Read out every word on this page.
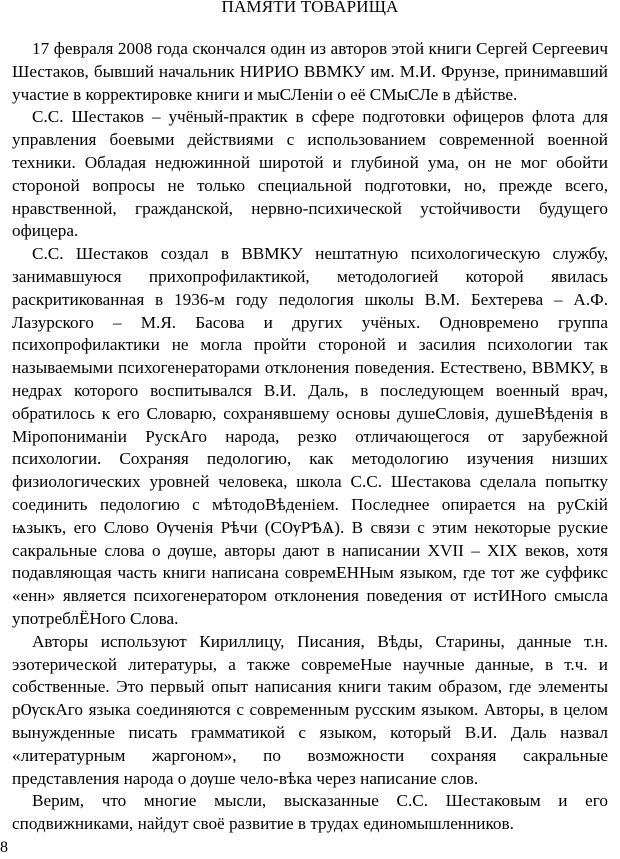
ПАМЯТИ ТОВАРИЩА

17 февраля 2008 года скончался один из авторов этой книги Сергей Сергеевич Шестаков, бывший начальник НИРИО ВВМКУ им. М.И. Фрунзе, принимавший участие в корректировке книги и мыСЛеніи о её СМыСЛе в дѣйстве.

С.С. Шестаков – учёный-практик в сфере подготовки офицеров флота для управления боевыми действиями с использованием современной военной техники. Обладая недюжинной широтой и глубиной ума, он не мог обойти стороной вопросы не только специальной подготовки, но, прежде всего, нравственной, гражданской, нервно-психической устойчивости будущего офицера.

С.С. Шестаков создал в ВВМКУ нештатную психологическую службу, занимавшуюся прихопрофилактикой, методологией которой явилась раскритикованная в 1936-м году педология школы В.М. Бехтерева – А.Ф. Лазурского – М.Я. Басова и других учёных. Одновремено группа психопрофилактики не могла пройти стороной и засилия психологии так называемыми психогенераторами отклонения поведения. Естествено, ВВМКУ, в недрах которого воспитывался В.И. Даль, в последующем военный врач, обратилось к его Словарю, сохранявшему основы душеСловія, душеВѣденія в Міропониманіи РускАго народа, резко отличающегося от зарубежной психологии. Сохраняя педологию, как методологию изучения низших физиологических уровней человека, школа С.С. Шестакова сделала попытку соединить педологию с мѣтодоВѣденіем. Последнее опирается на руСкій ѩзыкъ, его Слово Ѹченія Рѣчи (СѸРѢѦ). В связи с этим некоторые руские сакральные слова о дѹше, авторы дают в написании XVII – XIX веков, хотя подавляющая часть книги написана совремЕННым языком, где тот же суффикс «енн» является психогенератором отклонения поведения от истИНого смысла употреблЁНого Слова.

Авторы используют Кириллицу, Писания, Вѣды, Старины, данные т.н. эзотерической литературы, а также совремеНые научные данные, в т.ч. и собственные. Это первый опыт написания книги таким образом, где элементы рѸскАго языка соединяются с современным русским языком. Авторы, в целом вынужденные писать грамматикой с языком, который В.И. Даль назвал «литературным жаргоном», по возможности сохраняя сакральные представления народа о дѹше чело-вѣка через написание слов.

Верим, что многие мысли, высказанные С.С. Шестаковым и его сподвижниками, найдут своё развитие в трудах единомышленников.

8
